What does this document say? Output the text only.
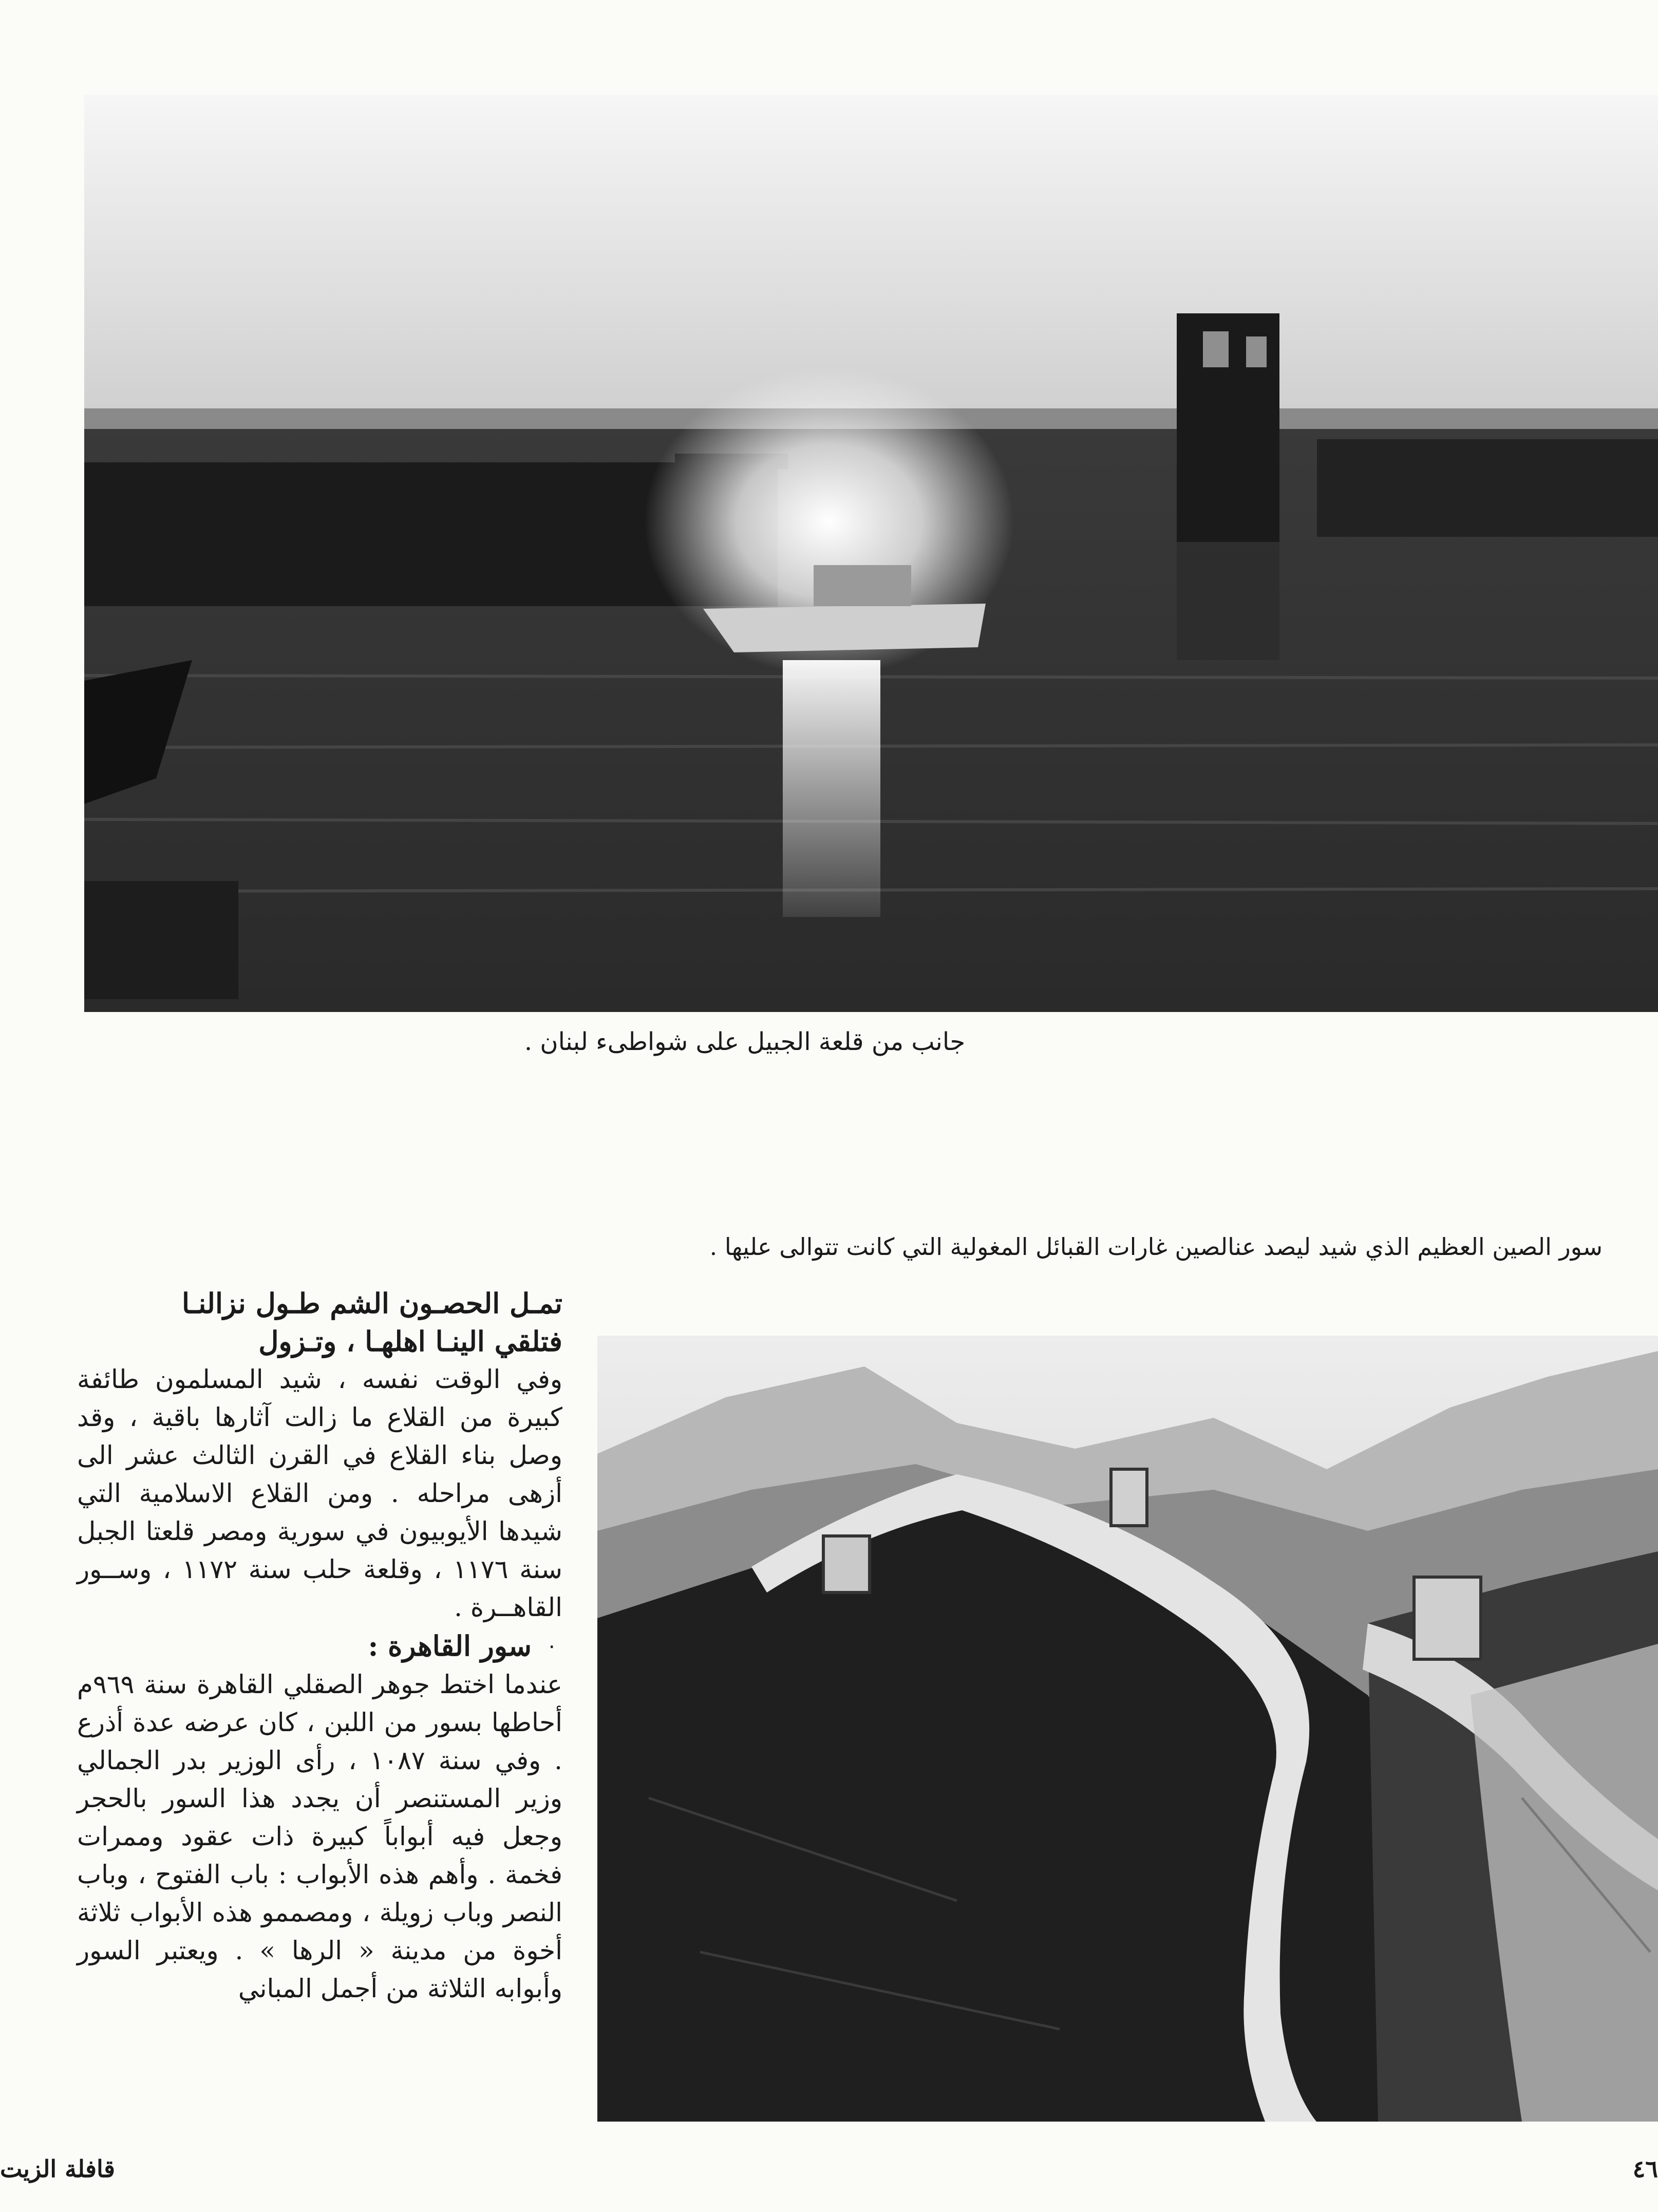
جانب من قلعة الجبيل على شواطىء لبنان .
سور الصين العظيم الذي شيد ليصد عنالصين غارات القبائل المغولية التي كانت تتوالى عليها .

تمـل الحصـون الشم طـول نزالنـا

فتلقي الينـا اهلهـا ، وتـزول

وفي الوقت نفسه ، شيد المسلمون طائفة كبيرة من القلاع ما زالت آثارها باقية ، وقد وصل بناء القلاع في القرن الثالث عشر الى أزهى مراحله . ومن القلاع الاسلامية التي شيدها الأيوبيون في سورية ومصر قلعتا الجبل سنة ١١٧٦ ، وقلعة حلب سنة ١١٧٢ ، وســور القاهــرة .

٠
سور القاهرة :

عندما اختط جوهر الصقلي القاهرة سنة ٩٦٩م أحاطها بسور من اللبن ، كان عرضه عدة أذرع . وفي سنة ١٠٨٧ ، رأى الوزير بدر الجمالي وزير المستنصر أن يجدد هذا السور بالحجر وجعل فيه أبواباً كبيرة ذات عقود وممرات فخمة . وأهم هذه الأبواب : باب الفتوح ، وباب النصر وباب زويلة ، ومصممو هذه الأبواب ثلاثة أخوة من مدينة « الرها » . ويعتبر السور وأبوابه الثلاثة من أجمل المباني

قافلة الزيت	٤٦
